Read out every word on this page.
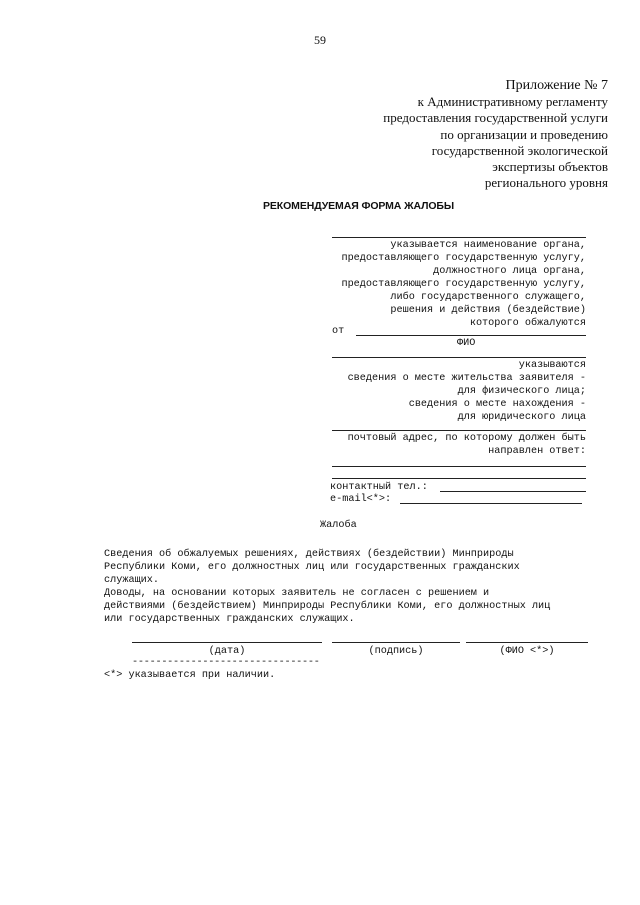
59
Приложение № 7
к Административному регламенту
предоставления государственной услуги
по организации и проведению
государственной экологической
экспертизы объектов
регионального уровня
РЕКОМЕНДУЕМАЯ ФОРМА ЖАЛОБЫ
указывается наименование органа,
предоставляющего государственную услугу,
должностного лица органа,
предоставляющего государственную услугу,
либо государственного служащего,
решения и действия (бездействие)
которого обжалуются
от
ФИО
указываются
сведения о месте жительства заявителя -
для физического лица;
сведения о месте нахождения -
для юридического лица
почтовый адрес, по которому должен быть
направлен ответ:
контактный тел.:
e-mail<*>:
Жалоба
Сведения об обжалуемых решениях, действиях (бездействии) Минприроды
Республики Коми, его должностных лиц или государственных гражданских
служащих.
Доводы, на основании которых заявитель не согласен с решением и
действиями (бездействием) Минприроды Республики Коми, его должностных лиц
или государственных гражданских служащих.
(дата)	(подпись)	(ФИО <*>)
--------------------------------
<*> указывается при наличии.
